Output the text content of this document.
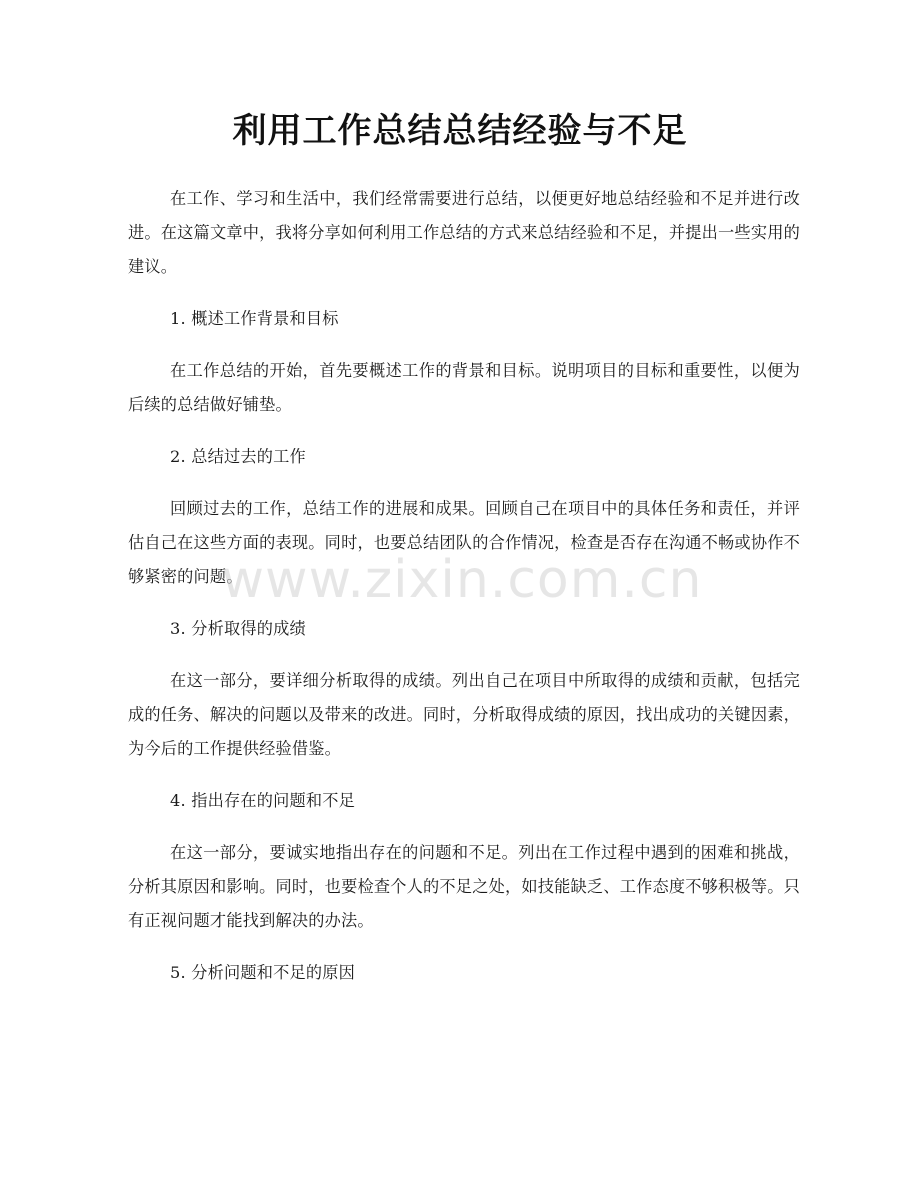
利用工作总结总结经验与不足

在工作、学习和生活中，我们经常需要进行总结，以便更好地总结经验和不足并进行改进。在这篇文章中，我将分享如何利用工作总结的方式来总结经验和不足，并提出一些实用的建议。

1. 概述工作背景和目标

在工作总结的开始，首先要概述工作的背景和目标。说明项目的目标和重要性，以便为后续的总结做好铺垫。

2. 总结过去的工作

回顾过去的工作，总结工作的进展和成果。回顾自己在项目中的具体任务和责任，并评估自己在这些方面的表现。同时，也要总结团队的合作情况，检查是否存在沟通不畅或协作不够紧密的问题。

3. 分析取得的成绩

在这一部分，要详细分析取得的成绩。列出自己在项目中所取得的成绩和贡献，包括完成的任务、解决的问题以及带来的改进。同时，分析取得成绩的原因，找出成功的关键因素，为今后的工作提供经验借鉴。

4. 指出存在的问题和不足

在这一部分，要诚实地指出存在的问题和不足。列出在工作过程中遇到的困难和挑战，分析其原因和影响。同时，也要检查个人的不足之处，如技能缺乏、工作态度不够积极等。只有正视问题才能找到解决的办法。

5. 分析问题和不足的原因

www.zixin.com.cn
